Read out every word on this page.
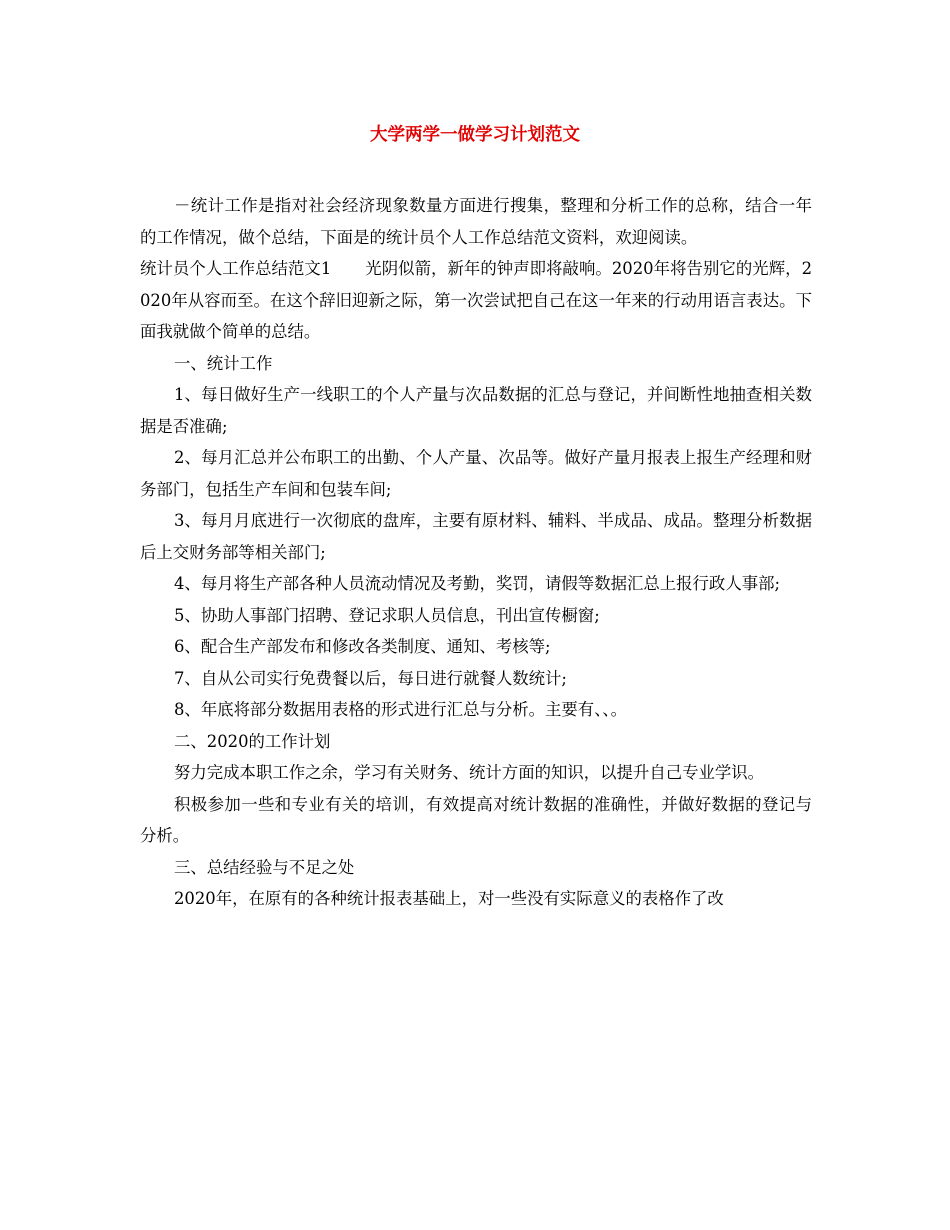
大学两学一做学习计划范文

－统计工作是指对社会经济现象数量方面进行搜集，整理和分析工作的总称，结合一年的工作情况，做个总结，下面是的统计员个人工作总结范文资料，欢迎阅读。

统计员个人工作总结范文1 光阴似箭，新年的钟声即将敲响。2020年将告别它的光辉，2020年从容而至。在这个辞旧迎新之际，第一次尝试把自己在这一年来的行动用语言表达。下面我就做个简单的总结。

一、统计工作

1、每日做好生产一线职工的个人产量与次品数据的汇总与登记，并间断性地抽查相关数据是否准确;

2、每月汇总并公布职工的出勤、个人产量、次品等。做好产量月报表上报生产经理和财务部门，包括生产车间和包装车间;

3、每月月底进行一次彻底的盘库，主要有原材料、辅料、半成品、成品。整理分析数据后上交财务部等相关部门;

4、每月将生产部各种人员流动情况及考勤，奖罚，请假等数据汇总上报行政人事部;

5、协助人事部门招聘、登记求职人员信息，刊出宣传橱窗;

6、配合生产部发布和修改各类制度、通知、考核等;

7、自从公司实行免费餐以后，每日进行就餐人数统计;

8、年底将部分数据用表格的形式进行汇总与分析。主要有、、。

二、2020的工作计划

努力完成本职工作之余，学习有关财务、统计方面的知识，以提升自己专业学识。

积极参加一些和专业有关的培训，有效提高对统计数据的准确性，并做好数据的登记与分析。

三、总结经验与不足之处

2020年，在原有的各种统计报表基础上，对一些没有实际意义的表格作了改
